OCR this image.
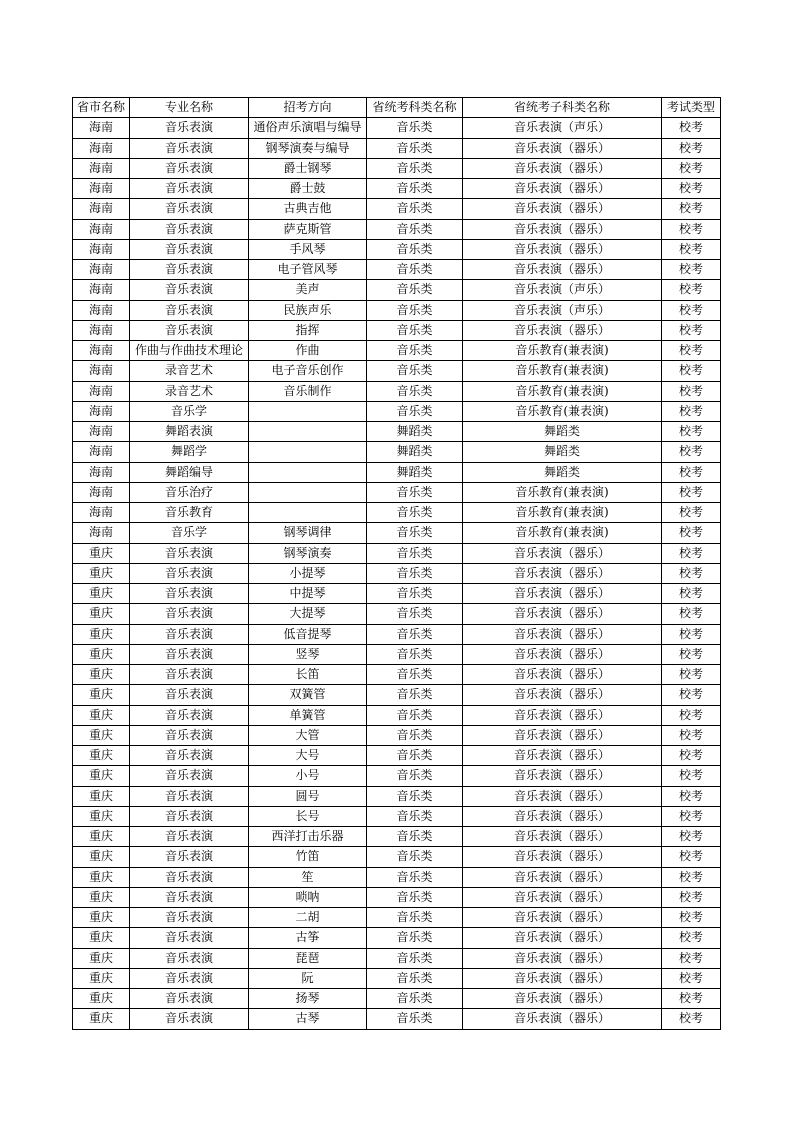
省市名称	专业名称	招考方向	省统考科类名称	省统考子科类名称	考试类型
海南	音乐表演	通俗声乐演唱与编导	音乐类	音乐表演（声乐）	校考
海南	音乐表演	钢琴演奏与编导	音乐类	音乐表演（器乐）	校考
海南	音乐表演	爵士钢琴	音乐类	音乐表演（器乐）	校考
海南	音乐表演	爵士鼓	音乐类	音乐表演（器乐）	校考
海南	音乐表演	古典吉他	音乐类	音乐表演（器乐）	校考
海南	音乐表演	萨克斯管	音乐类	音乐表演（器乐）	校考
海南	音乐表演	手风琴	音乐类	音乐表演（器乐）	校考
海南	音乐表演	电子管风琴	音乐类	音乐表演（器乐）	校考
海南	音乐表演	美声	音乐类	音乐表演（声乐）	校考
海南	音乐表演	民族声乐	音乐类	音乐表演（声乐）	校考
海南	音乐表演	指挥	音乐类	音乐表演（器乐）	校考
海南	作曲与作曲技术理论	作曲	音乐类	音乐教育(兼表演)	校考
海南	录音艺术	电子音乐创作	音乐类	音乐教育(兼表演)	校考
海南	录音艺术	音乐制作	音乐类	音乐教育(兼表演)	校考
海南	音乐学		音乐类	音乐教育(兼表演)	校考
海南	舞蹈表演		舞蹈类	舞蹈类	校考
海南	舞蹈学		舞蹈类	舞蹈类	校考
海南	舞蹈编导		舞蹈类	舞蹈类	校考
海南	音乐治疗		音乐类	音乐教育(兼表演)	校考
海南	音乐教育		音乐类	音乐教育(兼表演)	校考
海南	音乐学	钢琴调律	音乐类	音乐教育(兼表演)	校考
重庆	音乐表演	钢琴演奏	音乐类	音乐表演（器乐）	校考
重庆	音乐表演	小提琴	音乐类	音乐表演（器乐）	校考
重庆	音乐表演	中提琴	音乐类	音乐表演（器乐）	校考
重庆	音乐表演	大提琴	音乐类	音乐表演（器乐）	校考
重庆	音乐表演	低音提琴	音乐类	音乐表演（器乐）	校考
重庆	音乐表演	竖琴	音乐类	音乐表演（器乐）	校考
重庆	音乐表演	长笛	音乐类	音乐表演（器乐）	校考
重庆	音乐表演	双簧管	音乐类	音乐表演（器乐）	校考
重庆	音乐表演	单簧管	音乐类	音乐表演（器乐）	校考
重庆	音乐表演	大管	音乐类	音乐表演（器乐）	校考
重庆	音乐表演	大号	音乐类	音乐表演（器乐）	校考
重庆	音乐表演	小号	音乐类	音乐表演（器乐）	校考
重庆	音乐表演	圆号	音乐类	音乐表演（器乐）	校考
重庆	音乐表演	长号	音乐类	音乐表演（器乐）	校考
重庆	音乐表演	西洋打击乐器	音乐类	音乐表演（器乐）	校考
重庆	音乐表演	竹笛	音乐类	音乐表演（器乐）	校考
重庆	音乐表演	笙	音乐类	音乐表演（器乐）	校考
重庆	音乐表演	唢呐	音乐类	音乐表演（器乐）	校考
重庆	音乐表演	二胡	音乐类	音乐表演（器乐）	校考
重庆	音乐表演	古筝	音乐类	音乐表演（器乐）	校考
重庆	音乐表演	琵琶	音乐类	音乐表演（器乐）	校考
重庆	音乐表演	阮	音乐类	音乐表演（器乐）	校考
重庆	音乐表演	扬琴	音乐类	音乐表演（器乐）	校考
重庆	音乐表演	古琴	音乐类	音乐表演（器乐）	校考
